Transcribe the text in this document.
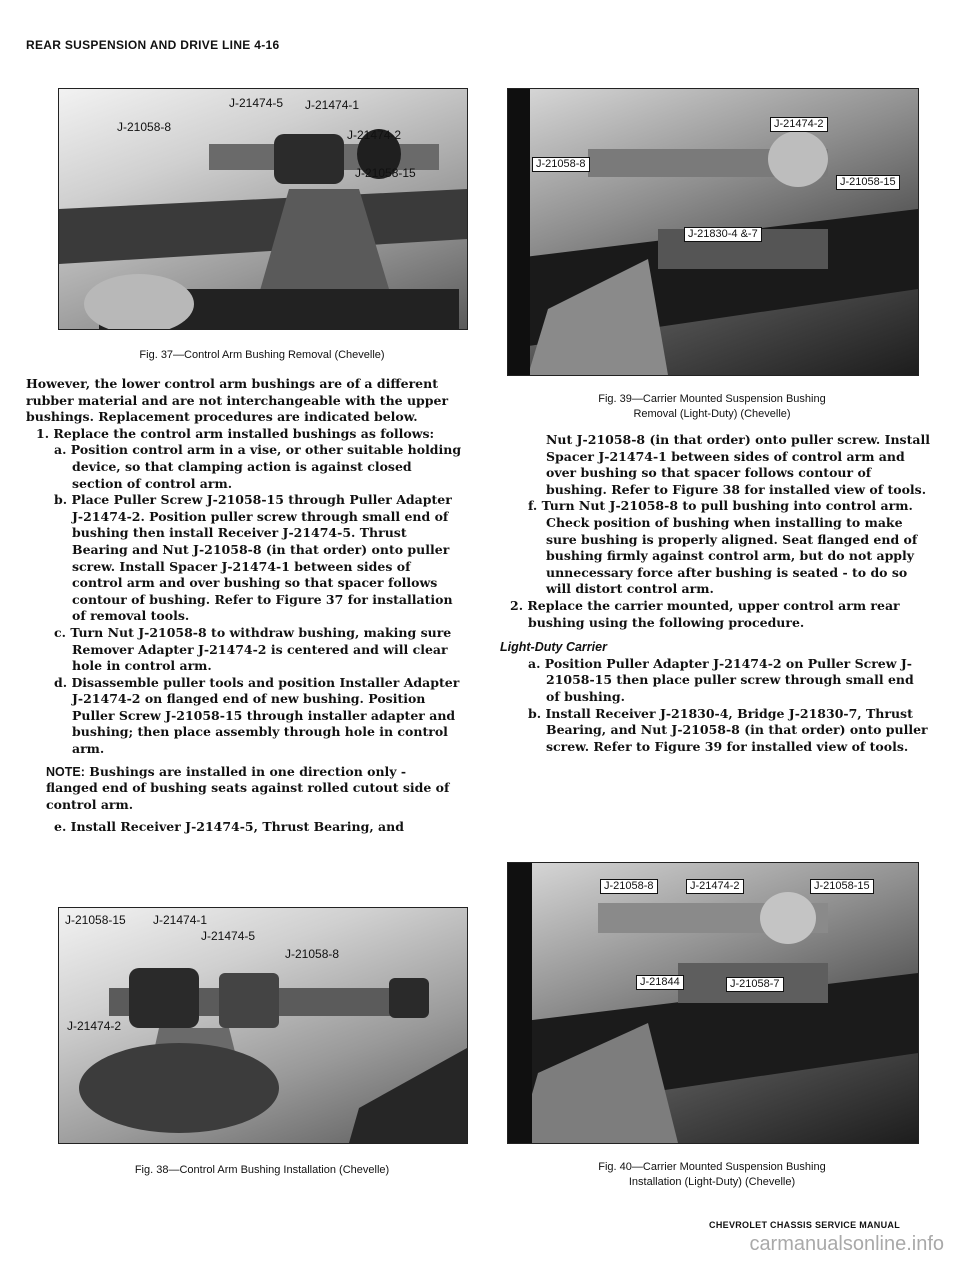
REAR SUSPENSION AND DRIVE LINE 4-16
J-21474-5 J-21474-1
J-21058-8
J-21474-2
J-21058-15
Fig. 37—Control Arm Bushing Removal (Chevelle)

However, the lower control arm bushings are of a different rubber material and are not interchangeable with the upper bushings. Replacement procedures are indicated below.

1. Replace the control arm installed bushings as follows:

a. Position control arm in a vise, or other suitable holding device, so that clamping action is against closed section of control arm.

b. Place Puller Screw J-21058-15 through Puller Adapter J-21474-2. Position puller screw through small end of bushing then install Receiver J-21474-5. Thrust Bearing and Nut J-21058-8 (in that order) onto puller screw. Install Spacer J-21474-1 between sides of control arm and over bushing so that spacer follows contour of bushing. Refer to Figure 37 for installation of removal tools.

c. Turn Nut J-21058-8 to withdraw bushing, making sure Remover Adapter J-21474-2 is centered and will clear hole in control arm.

d. Disassemble puller tools and position Installer Adapter J-21474-2 on flanged end of new bushing. Position Puller Screw J-21058-15 through installer adapter and bushing; then place assembly through hole in control arm.

NOTE: Bushings are installed in one direction only - flanged end of bushing seats against rolled cutout side of control arm.

e. Install Receiver J-21474-5, Thrust Bearing, and

J-21058-15 J-21474-1
J-21474-5
J-21058-8
J-21474-2
Fig. 38—Control Arm Bushing Installation (Chevelle)
J-21474-2
J-21058-8
J-21058-15
J-21830-4 &-7
Fig. 39—Carrier Mounted Suspension Bushing
Removal (Light-Duty) (Chevelle)

Nut J-21058-8 (in that order) onto puller screw. Install Spacer J-21474-1 between sides of control arm and over bushing so that spacer follows contour of bushing. Refer to Figure 38 for installed view of tools.

f. Turn Nut J-21058-8 to pull bushing into control arm. Check position of bushing when installing to make sure bushing is properly aligned. Seat flanged end of bushing firmly against control arm, but do not apply unnecessary force after bushing is seated - to do so will distort control arm.

2. Replace the carrier mounted, upper control arm rear bushing using the following procedure.

Light-Duty Carrier

a. Position Puller Adapter J-21474-2 on Puller Screw J-21058-15 then place puller screw through small end of bushing.

b. Install Receiver J-21830-4, Bridge J-21830-7, Thrust Bearing, and Nut J-21058-8 (in that order) onto puller screw. Refer to Figure 39 for installed view of tools.

J-21058-8	J-21474-2	J-21058-15
J-21844	J-21058-7
Fig. 40—Carrier Mounted Suspension Bushing
Installation (Light-Duty) (Chevelle)
CHEVROLET CHASSIS SERVICE MANUAL
carmanualsonline.info
